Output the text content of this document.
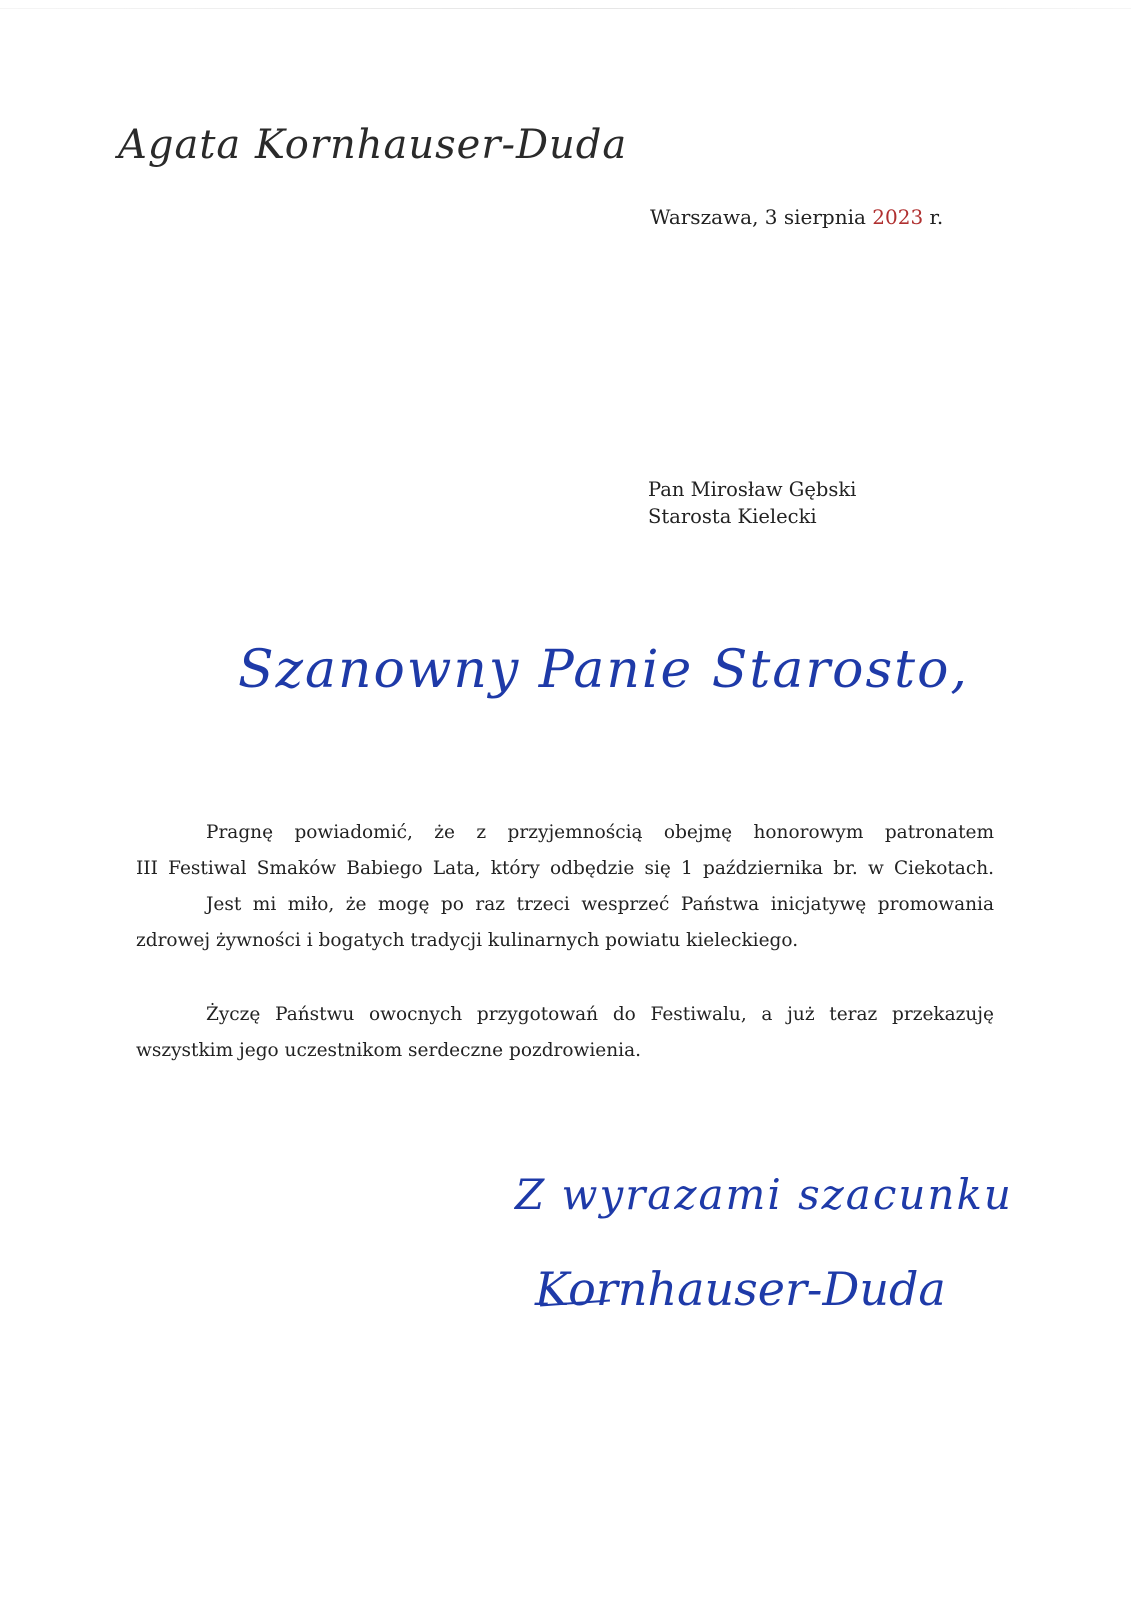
Agata Kornhauser-Duda
Warszawa, 3 sierpnia 2023 r.
Pan Mirosław Gębski
Starosta Kielecki
Szanowny Panie Starosto,
Pragnę powiadomić, że z przyjemnością obejmę honorowym patronatem
III Festiwal Smaków Babiego Lata, który odbędzie się 1 października br. w Ciekotach.
Jest mi miło, że mogę po raz trzeci wesprzeć Państwa inicjatywę promowania
zdrowej żywności i bogatych tradycji kulinarnych powiatu kieleckiego.
Życzę Państwu owocnych przygotowań do Festiwalu, a już teraz przekazuję
wszystkim jego uczestnikom serdeczne pozdrowienia.
Z wyrazami szacunku
Kornhauser-Duda
